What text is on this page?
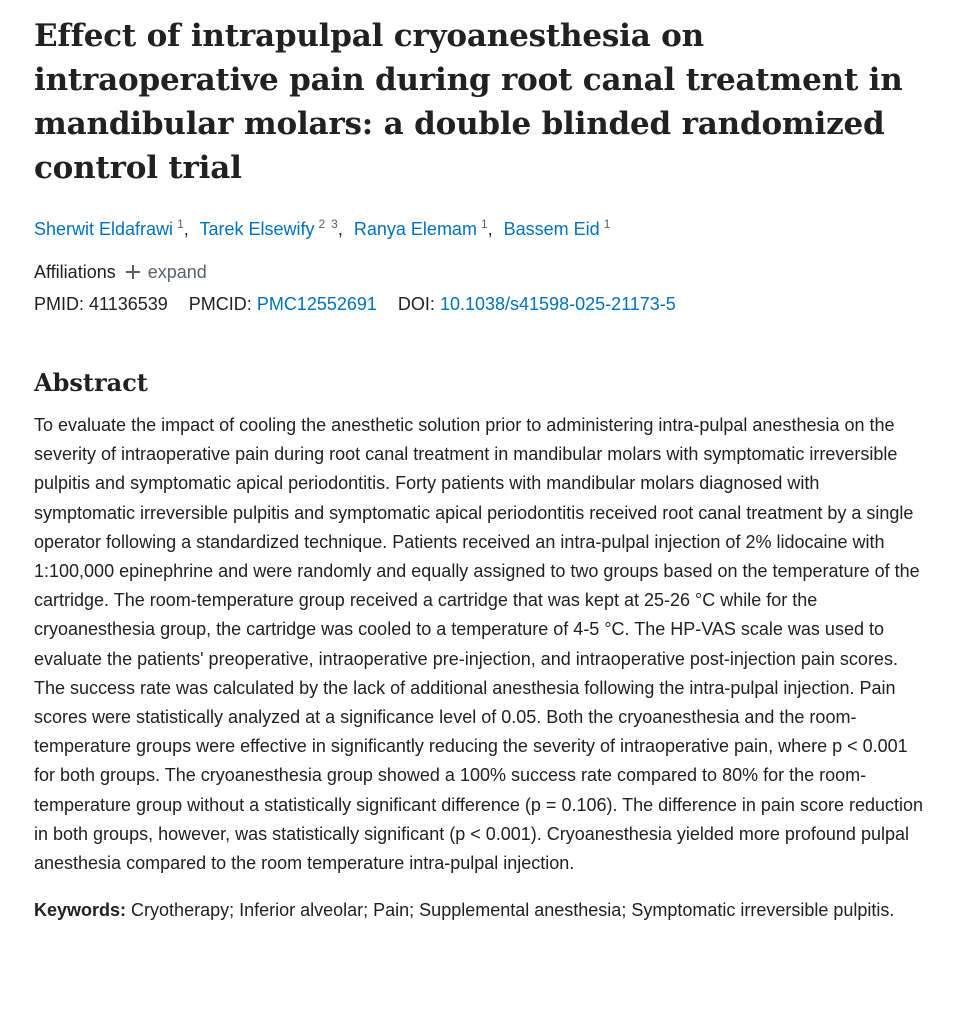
Effect of intrapulpal cryoanesthesia on intraoperative pain during root canal treatment in mandibular molars: a double blinded randomized control trial
Sherwit Eldafrawi $^1$, Tarek Elsewify $^2$ $^3$, Ranya Elemam $^1$, Bassem Eid $^1$
Affiliations expand
PMID: 41136539 PMCID: PMC12552691 DOI: 10.1038/s41598-025-21173-5
Abstract

To evaluate the impact of cooling the anesthetic solution prior to administering intra-pulpal anesthesia on the severity of intraoperative pain during root canal treatment in mandibular molars with symptomatic irreversible pulpitis and symptomatic apical periodontitis. Forty patients with mandibular molars diagnosed with symptomatic irreversible pulpitis and symptomatic apical periodontitis received root canal treatment by a single operator following a standardized technique. Patients received an intra-pulpal injection of 2% lidocaine with 1:100,000 epinephrine and were randomly and equally assigned to two groups based on the temperature of the cartridge. The room-temperature group received a cartridge that was kept at 25-26 °C while for the cryoanesthesia group, the cartridge was cooled to a temperature of 4-5 °C. The HP-VAS scale was used to evaluate the patients' preoperative, intraoperative pre-injection, and intraoperative post-injection pain scores. The success rate was calculated by the lack of additional anesthesia following the intra-pulpal injection. Pain scores were statistically analyzed at a significance level of 0.05. Both the cryoanesthesia and the room-temperature groups were effective in significantly reducing the severity of intraoperative pain, where p < 0.001 for both groups. The cryoanesthesia group showed a 100% success rate compared to 80% for the room-temperature group without a statistically significant difference (p = 0.106). The difference in pain score reduction in both groups, however, was statistically significant (p < 0.001). Cryoanesthesia yielded more profound pulpal anesthesia compared to the room temperature intra-pulpal injection.

Keywords: Cryotherapy; Inferior alveolar; Pain; Supplemental anesthesia; Symptomatic irreversible pulpitis.
